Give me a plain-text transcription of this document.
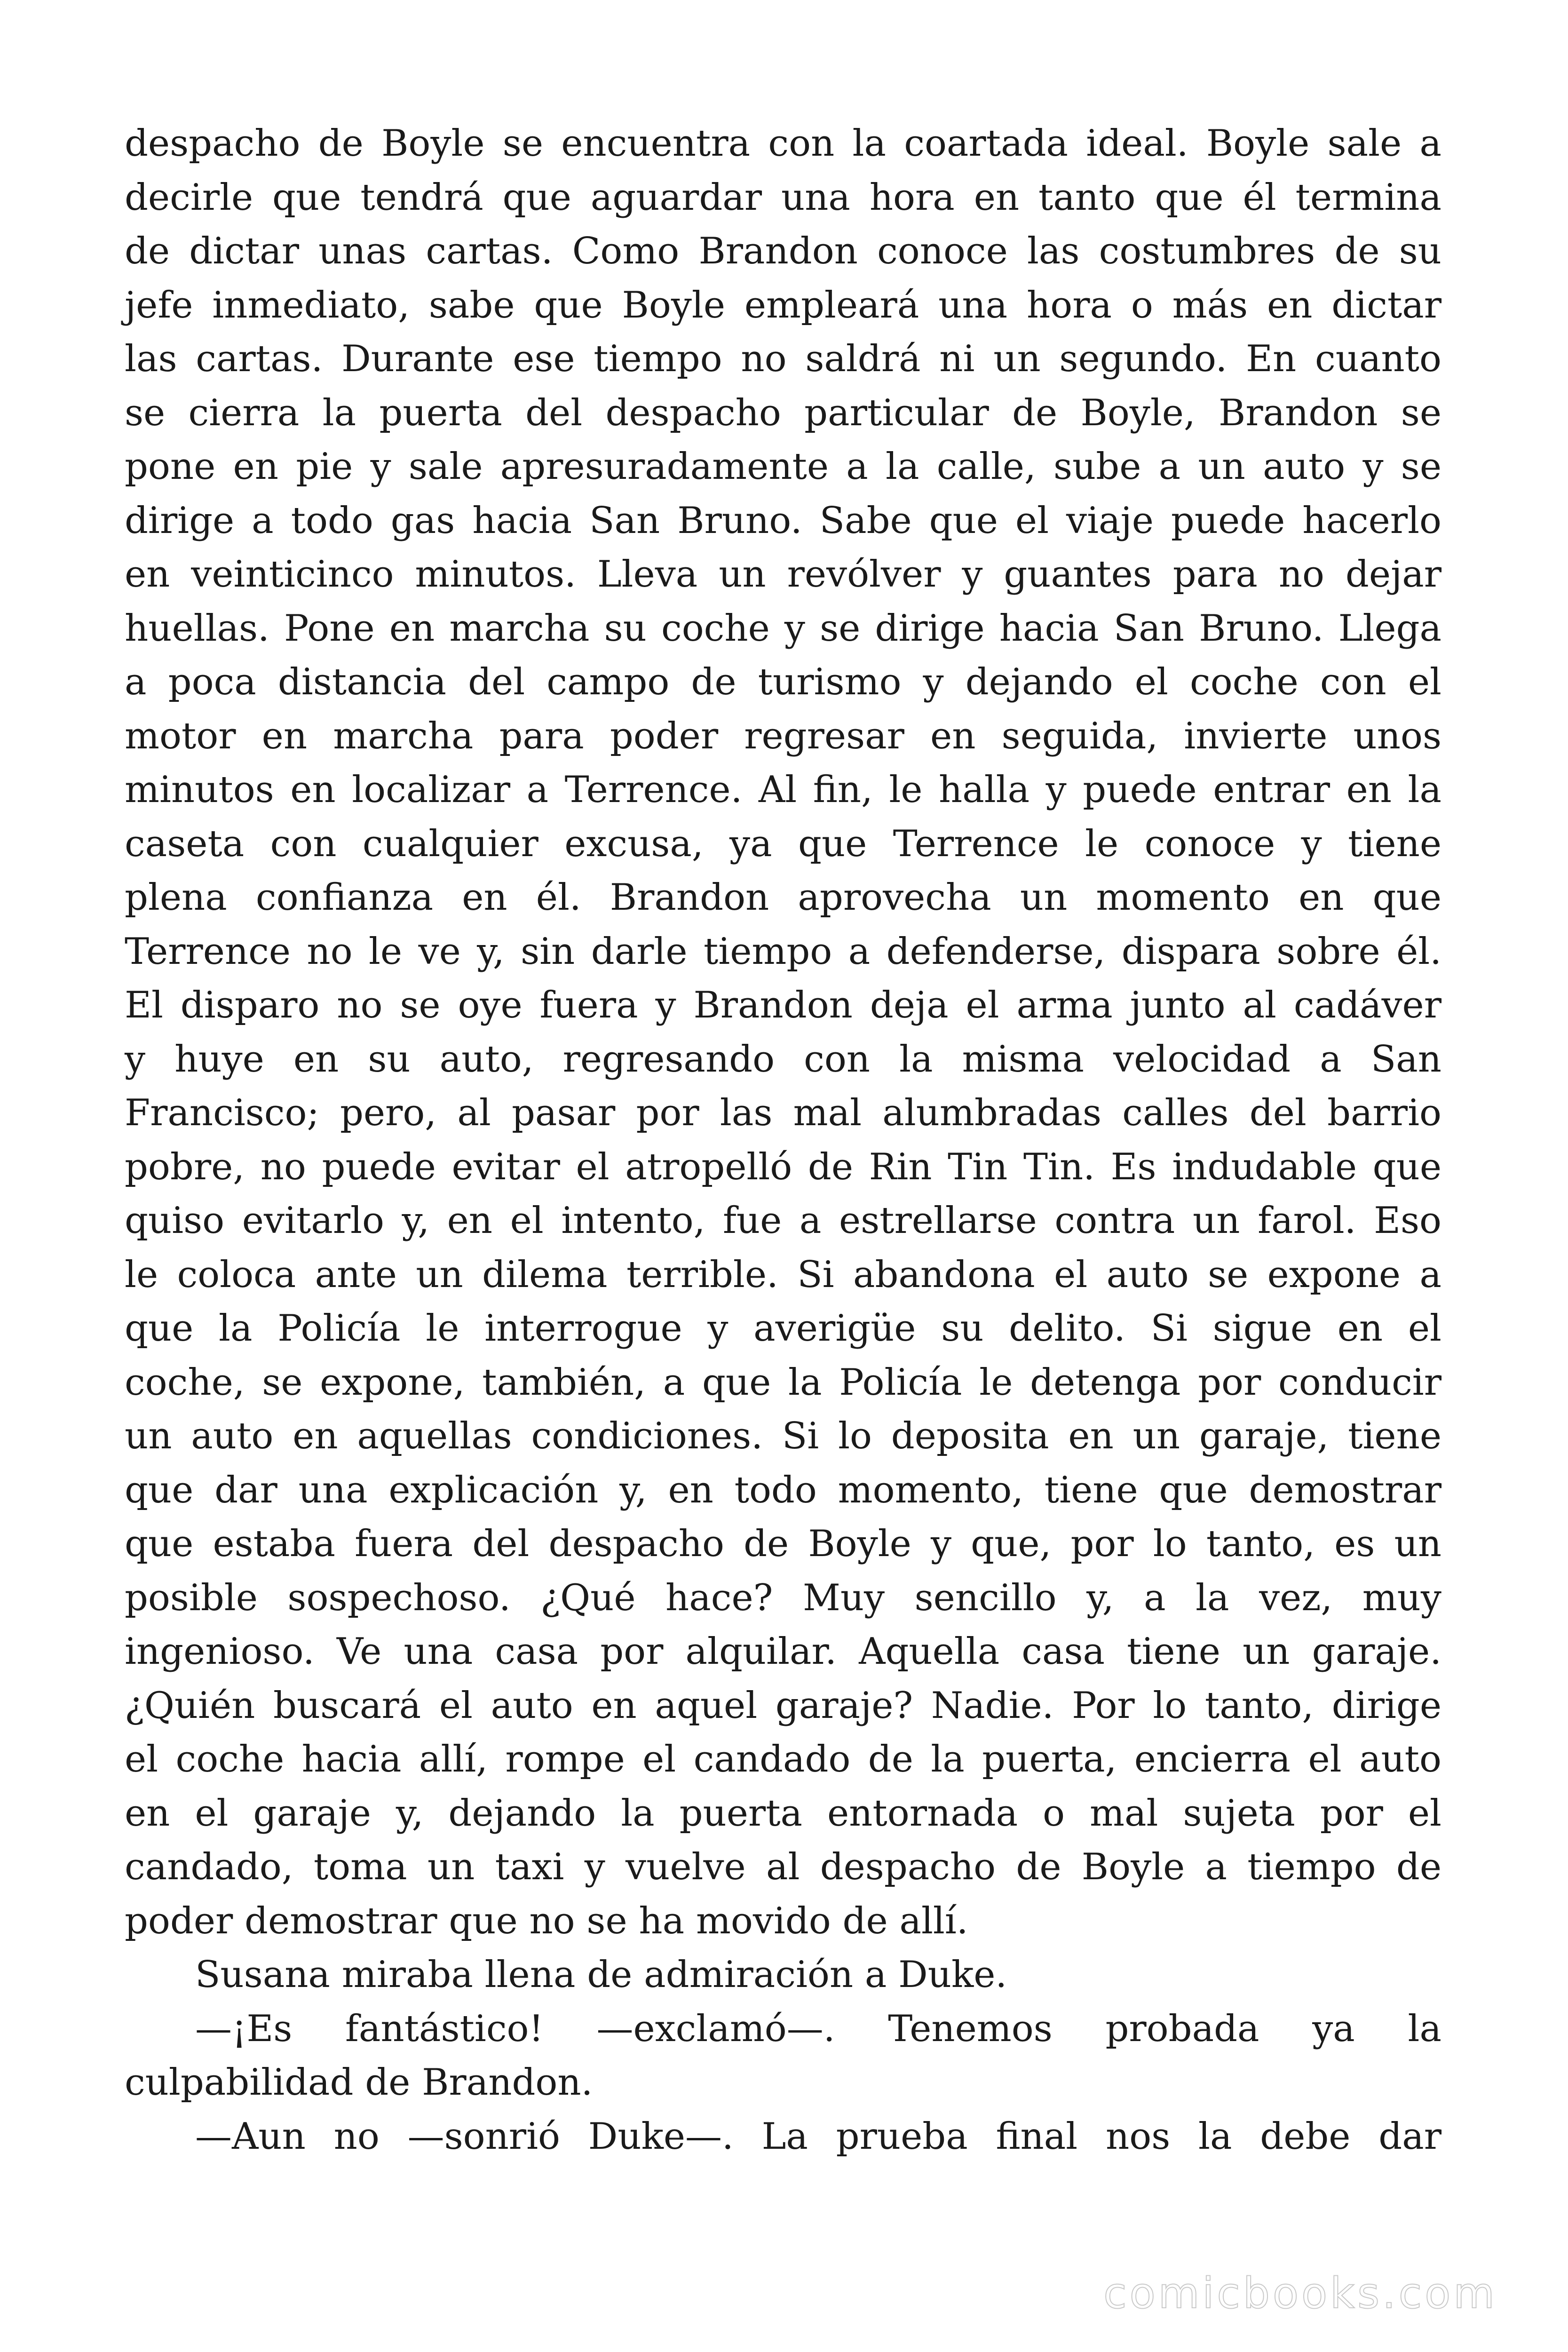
despacho de Boyle se encuentra con la coartada ideal. Boyle sale a
decirle que tendrá que aguardar una hora en tanto que él termina
de dictar unas cartas. Como Brandon conoce las costumbres de su
jefe inmediato, sabe que Boyle empleará una hora o más en dictar
las cartas. Durante ese tiempo no saldrá ni un segundo. En cuanto
se cierra la puerta del despacho particular de Boyle, Brandon se
pone en pie y sale apresuradamente a la calle, sube a un auto y se
dirige a todo gas hacia San Bruno. Sabe que el viaje puede hacerlo
en veinticinco minutos. Lleva un revólver y guantes para no dejar
huellas. Pone en marcha su coche y se dirige hacia San Bruno. Llega
a poca distancia del campo de turismo y dejando el coche con el
motor en marcha para poder regresar en seguida, invierte unos
minutos en localizar a Terrence. Al fin, le halla y puede entrar en la
caseta con cualquier excusa, ya que Terrence le conoce y tiene
plena confianza en él. Brandon aprovecha un momento en que
Terrence no le ve y, sin darle tiempo a defenderse, dispara sobre él.
El disparo no se oye fuera y Brandon deja el arma junto al cadáver
y huye en su auto, regresando con la misma velocidad a San
Francisco; pero, al pasar por las mal alumbradas calles del barrio
pobre, no puede evitar el atropelló de Rin Tin Tin. Es indudable que
quiso evitarlo y, en el intento, fue a estrellarse contra un farol. Eso
le coloca ante un dilema terrible. Si abandona el auto se expone a
que la Policía le interrogue y averigüe su delito. Si sigue en el
coche, se expone, también, a que la Policía le detenga por conducir
un auto en aquellas condiciones. Si lo deposita en un garaje, tiene
que dar una explicación y, en todo momento, tiene que demostrar
que estaba fuera del despacho de Boyle y que, por lo tanto, es un
posible sospechoso. ¿Qué hace? Muy sencillo y, a la vez, muy
ingenioso. Ve una casa por alquilar. Aquella casa tiene un garaje.
¿Quién buscará el auto en aquel garaje? Nadie. Por lo tanto, dirige
el coche hacia allí, rompe el candado de la puerta, encierra el auto
en el garaje y, dejando la puerta entornada o mal sujeta por el
candado, toma un taxi y vuelve al despacho de Boyle a tiempo de
poder demostrar que no se ha movido de allí.
Susana miraba llena de admiración a Duke.
—¡Es fantástico! —exclamó—. Tenemos probada ya la
culpabilidad de Brandon.
—Aun no —sonrió Duke—. La prueba final nos la debe dar
comicbooks.com
